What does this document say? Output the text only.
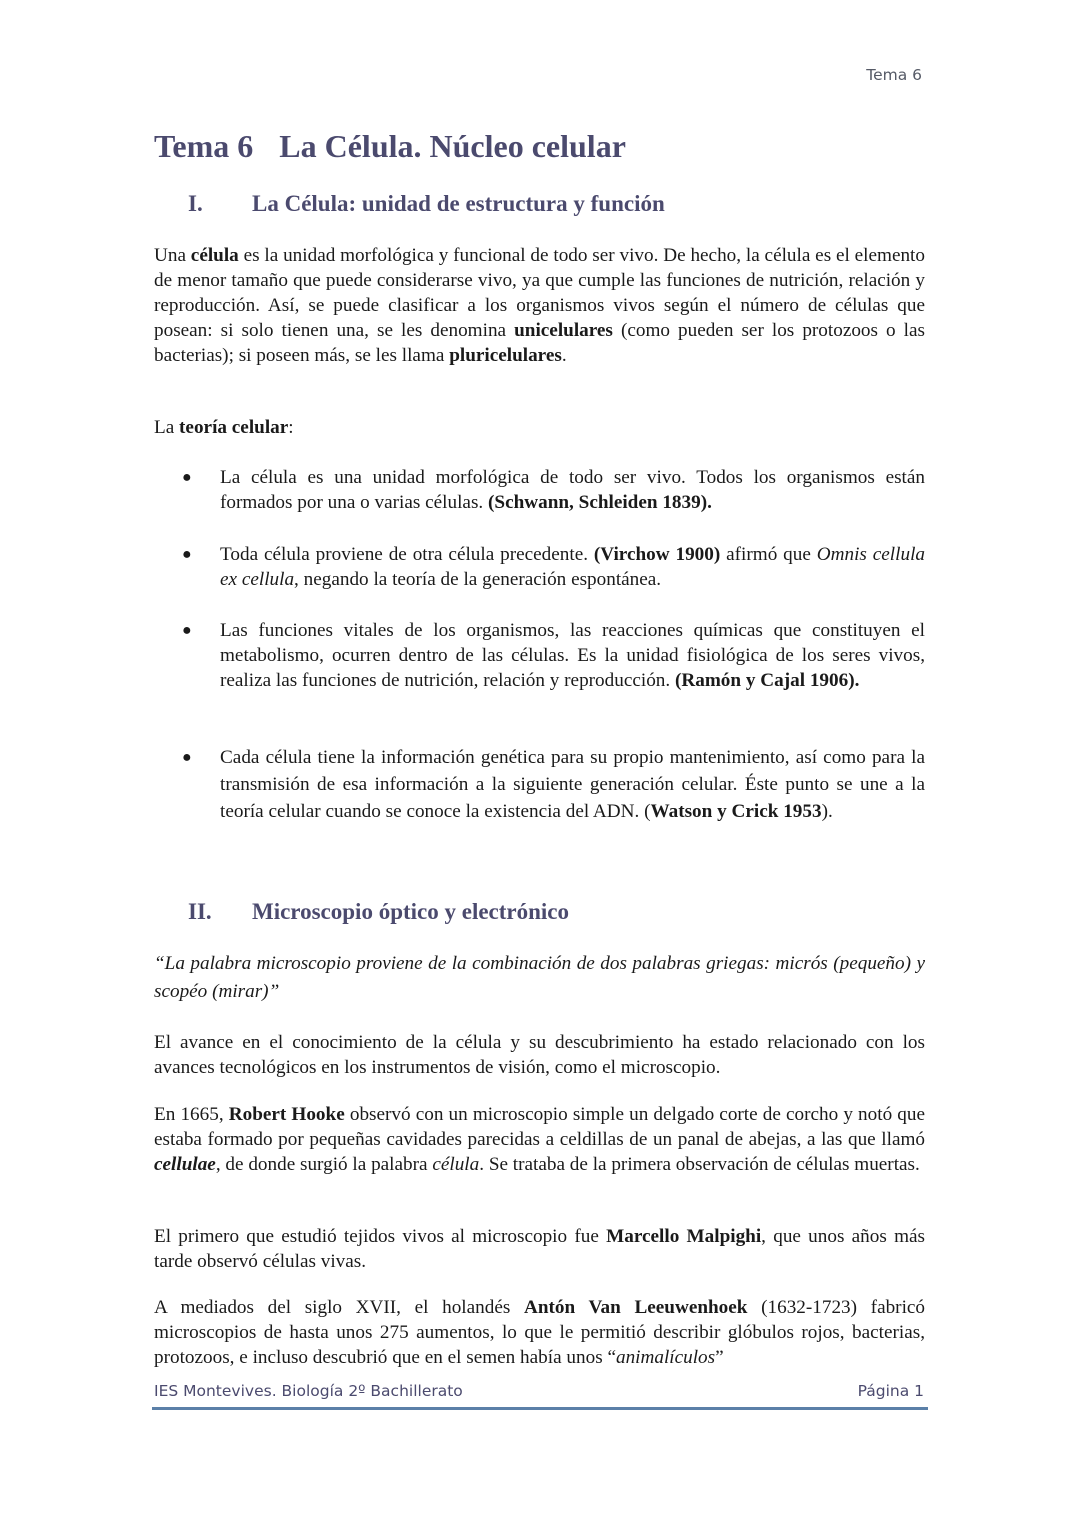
Tema 6
Tema 6 La Célula. Núcleo celular
I. La Célula: unidad de estructura y función

Una célula es la unidad morfológica y funcional de todo ser vivo. De hecho, la célula es el elemento de menor tamaño que puede considerarse vivo, ya que cumple las funciones de nutrición, relación y reproducción. Así, se puede clasificar a los organismos vivos según el número de células que posean: si solo tienen una, se les denomina unicelulares (como pueden ser los protozoos o las bacterias); si poseen más, se les llama pluricelulares.

La teoría celular:

● La célula es una unidad morfológica de todo ser vivo. Todos los organismos están formados por una o varias células. (Schwann, Schleiden 1839).
● Toda célula proviene de otra célula precedente. (Virchow 1900) afirmó que Omnis cellula ex cellula, negando la teoría de la generación espontánea.
● Las funciones vitales de los organismos, las reacciones químicas que constituyen el metabolismo, ocurren dentro de las células. Es la unidad fisiológica de los seres vivos, realiza las funciones de nutrición, relación y reproducción. (Ramón y Cajal 1906).
● Cada célula tiene la información genética para su propio mantenimiento, así como para la transmisión de esa información a la siguiente generación celular. Éste punto se une a la teoría celular cuando se conoce la existencia del ADN. (Watson y Crick 1953).
II. Microscopio óptico y electrónico

“La palabra microscopio proviene de la combinación de dos palabras griegas: micrós (pequeño) y scopéo (mirar)”

El avance en el conocimiento de la célula y su descubrimiento ha estado relacionado con los avances tecnológicos en los instrumentos de visión, como el microscopio.

En 1665, Robert Hooke observó con un microscopio simple un delgado corte de corcho y notó que estaba formado por pequeñas cavidades parecidas a celdillas de un panal de abejas, a las que llamó cellulae, de donde surgió la palabra célula. Se trataba de la primera observación de células muertas.

El primero que estudió tejidos vivos al microscopio fue Marcello Malpighi, que unos años más tarde observó células vivas.

A mediados del siglo XVII, el holandés Antón Van Leeuwenhoek (1632-1723) fabricó microscopios de hasta unos 275 aumentos, lo que le permitió describir glóbulos rojos, bacterias, protozoos, e incluso descubrió que en el semen había unos “animalículos”

IES Montevives. Biología 2º Bachillerato	Página 1
